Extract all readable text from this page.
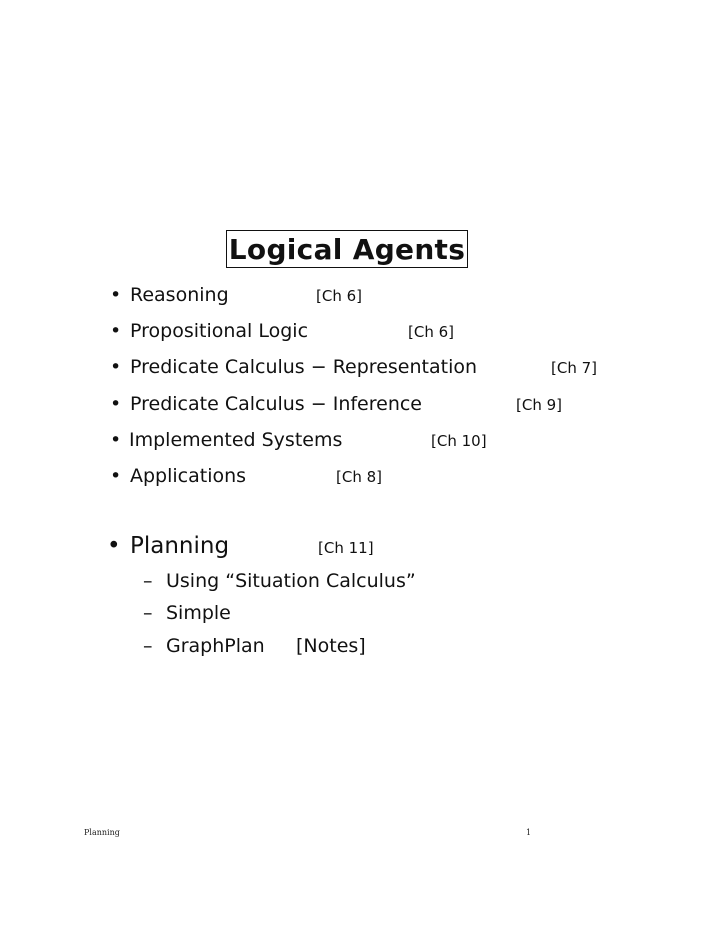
Logical Agents
• Reasoning	[Ch 6]
• Propositional Logic	[Ch 6]
• Predicate Calculus − Representation	[Ch 7]
• Predicate Calculus − Inference	[Ch 9]
• Implemented Systems	[Ch 10]
• Applications	[Ch 8]
• Planning	[Ch 11]
– Using “Situation Calculus”
– Simple
– GraphPlan [Notes]
Planning	1
